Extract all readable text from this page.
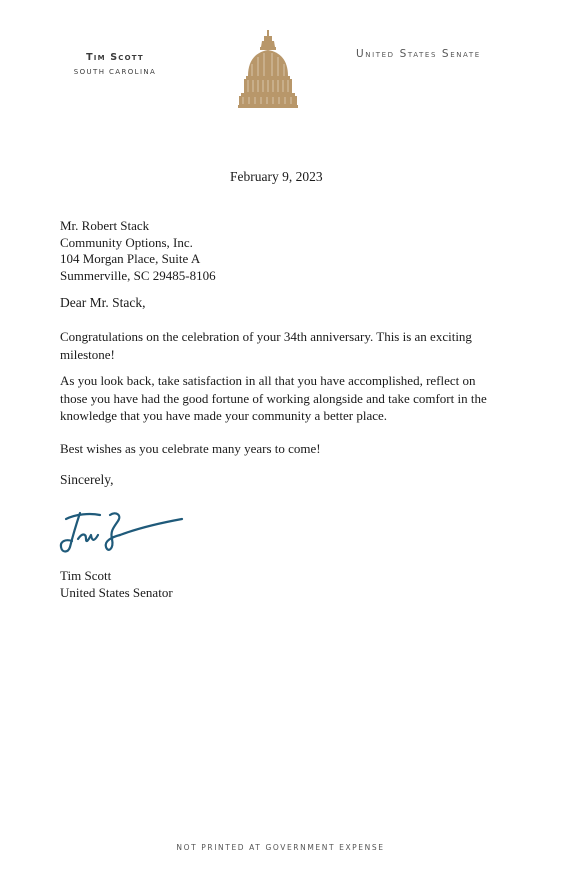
Tim Scott
SOUTH CAROLINA
United States Senate
February 9, 2023
Mr. Robert Stack
Community Options, Inc.
104 Morgan Place, Suite A
Summerville, SC 29485-8106
Dear Mr. Stack,
Congratulations on the celebration of your 34th anniversary. This is an exciting milestone!
As you look back, take satisfaction in all that you have accomplished, reflect on those you have had the good fortune of working alongside and take comfort in the knowledge that you have made your community a better place.
Best wishes as you celebrate many years to come!
Sincerely,
Tim Scott
United States Senator
NOT PRINTED AT GOVERNMENT EXPENSE
